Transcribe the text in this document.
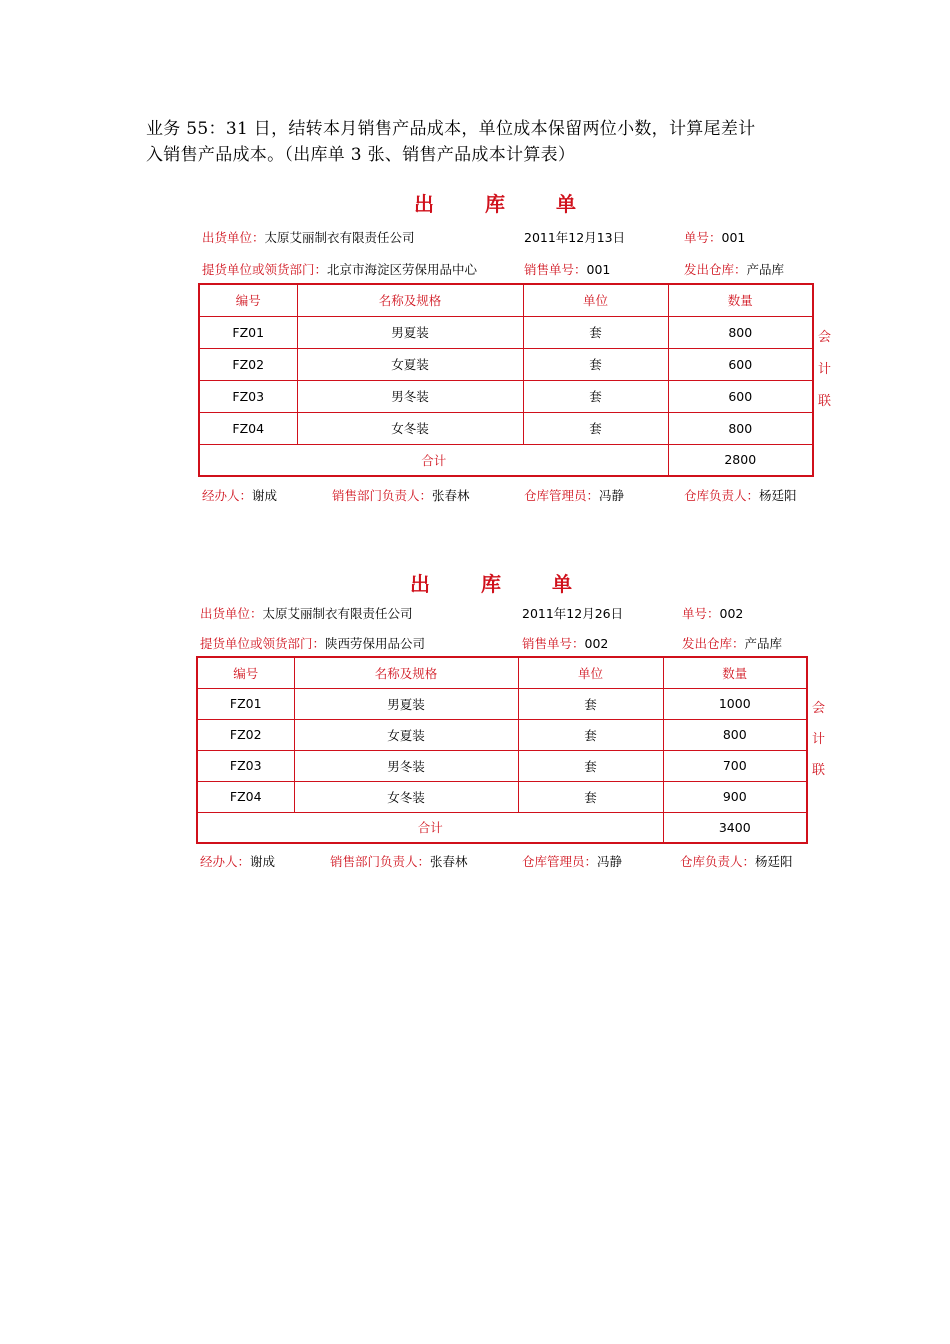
业务 55：31 日，结转本月销售产品成本，单位成本保留两位小数，计算尾差计

入销售产品成本。（出库单 3 张、销售产品成本计算表）

出 库 单
出货单位：太原艾丽制衣有限责任公司	2011年12月13日	单号：001
提货单位或领货部门：北京市海淀区劳保用品中心	销售单号：001	发出仓库：产品库
编号	名称及规格	单位	数量
FZ01	男夏装	套	800
FZ02	女夏装	套	600
FZ03	男冬装	套	600
FZ04	女冬装	套	800
合计			2800
会
计
联
经办人：谢成	销售部门负责人：张春林	仓库管理员：冯静	仓库负责人：杨廷阳
出 库 单
出货单位：太原艾丽制衣有限责任公司	2011年12月26日	单号：002
提货单位或领货部门：陕西劳保用品公司	销售单号：002	发出仓库：产品库
编号	名称及规格	单位	数量
FZ01	男夏装	套	1000
FZ02	女夏装	套	800
FZ03	男冬装	套	700
FZ04	女冬装	套	900
合计			3400
会
计
联
经办人：谢成	销售部门负责人：张春林	仓库管理员：冯静	仓库负责人：杨廷阳
